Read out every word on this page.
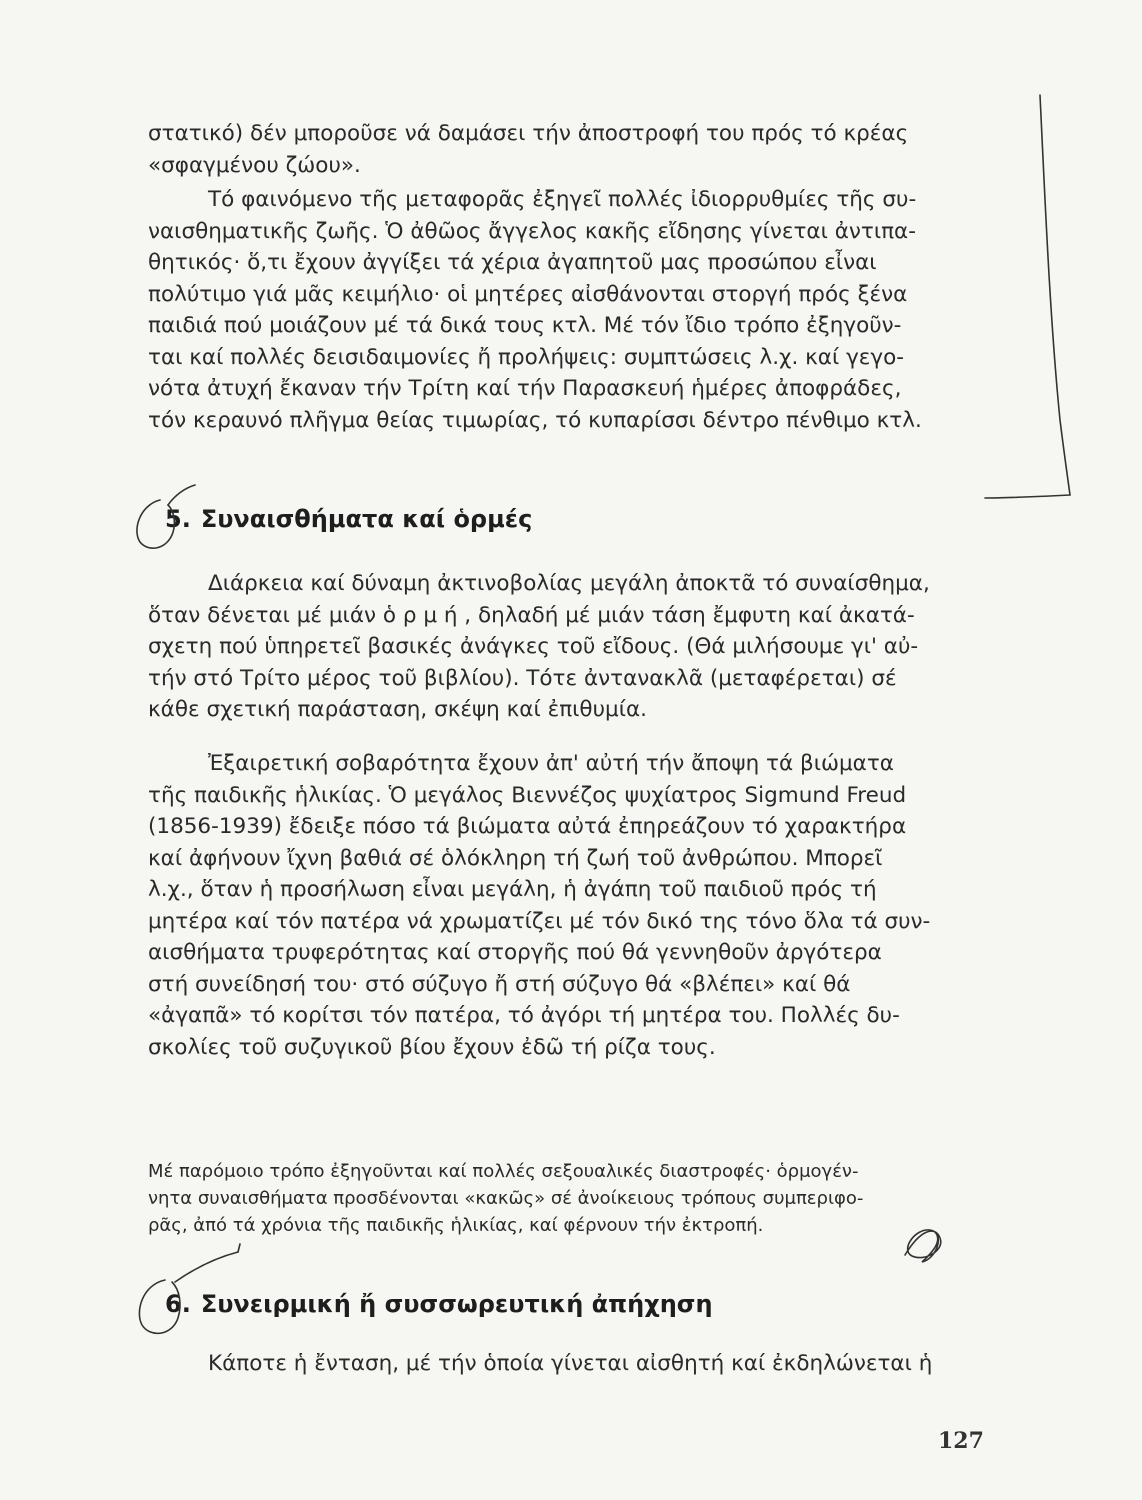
στατικό) δέν μποροῦσε νά δαμάσει τήν ἀποστροφή του πρός τό κρέας
«σφαγμένου ζώου».

Τό φαινόμενο τῆς μεταφορᾶς ἐξηγεῖ πολλές ἰδιορρυθμίες τῆς συ-
ναισθηματικῆς ζωῆς. Ὁ ἀθῶος ἄγγελος κακῆς εἴδησης γίνεται ἀντιπα-
θητικός· ὅ,τι ἔχουν ἀγγίξει τά χέρια ἀγαπητοῦ μας προσώπου εἶναι
πολύτιμο γιά μᾶς κειμήλιο· οἱ μητέρες αἰσθάνονται στοργή πρός ξένα
παιδιά πού μοιάζουν μέ τά δικά τους κτλ. Μέ τόν ἴδιο τρόπο ἐξηγοῦν-
ται καί πολλές δεισιδαιμονίες ἤ προλήψεις: συμπτώσεις λ.χ. καί γεγο-
νότα ἀτυχή ἔκαναν τήν Τρίτη καί τήν Παρασκευή ἡμέρες ἀποφράδες,
τόν κεραυνό πλῆγμα θείας τιμωρίας, τό κυπαρίσσι δέντρο πένθιμο κτλ.

5. Συναισθήματα καί ὁρμές

Διάρκεια καί δύναμη ἀκτινοβολίας μεγάλη ἀποκτᾶ τό συναίσθημα,
ὅταν δένεται μέ μιάν ὁ ρ μ ή , δηλαδή μέ μιάν τάση ἔμφυτη καί ἀκατά-
σχετη πού ὑπηρετεῖ βασικές ἀνάγκες τοῦ εἴδους. (Θά μιλήσουμε γι' αὐ-
τήν στό Τρίτο μέρος τοῦ βιβλίου). Τότε ἀντανακλᾶ (μεταφέρεται) σέ
κάθε σχετική παράσταση, σκέψη καί ἐπιθυμία.

Ἐξαιρετική σοβαρότητα ἔχουν ἀπ' αὐτή τήν ἄποψη τά βιώματα
τῆς παιδικῆς ἡλικίας. Ὁ μεγάλος Βιεννέζος ψυχίατρος Sigmund Freud
(1856-1939) ἔδειξε πόσο τά βιώματα αὐτά ἐπηρεάζουν τό χαρακτήρα
καί ἀφήνουν ἴχνη βαθιά σέ ὁλόκληρη τή ζωή τοῦ ἀνθρώπου. Μπορεῖ
λ.χ., ὅταν ἡ προσήλωση εἶναι μεγάλη, ἡ ἀγάπη τοῦ παιδιοῦ πρός τή
μητέρα καί τόν πατέρα νά χρωματίζει μέ τόν δικό της τόνο ὅλα τά συν-
αισθήματα τρυφερότητας καί στοργῆς πού θά γεννηθοῦν ἀργότερα
στή συνείδησή του· στό σύζυγο ἤ στή σύζυγο θά «βλέπει» καί θά
«ἀγαπᾶ» τό κορίτσι τόν πατέρα, τό ἀγόρι τή μητέρα του. Πολλές δυ-
σκολίες τοῦ συζυγικοῦ βίου ἔχουν ἐδῶ τή ρίζα τους.

Μέ παρόμοιο τρόπο ἐξηγοῦνται καί πολλές σεξουαλικές διαστροφές· ὁρμογέν-
νητα συναισθήματα προσδένονται «κακῶς» σέ ἀνοίκειους τρόπους συμπεριφο-
ρᾶς, ἀπό τά χρόνια τῆς παιδικῆς ἡλικίας, καί φέρνουν τήν ἐκτροπή.

6. Συνειρμική ἤ συσσωρευτική ἀπήχηση

Κάποτε ἡ ἔνταση, μέ τήν ὁποία γίνεται αἰσθητή καί ἐκδηλώνεται ἡ

127
